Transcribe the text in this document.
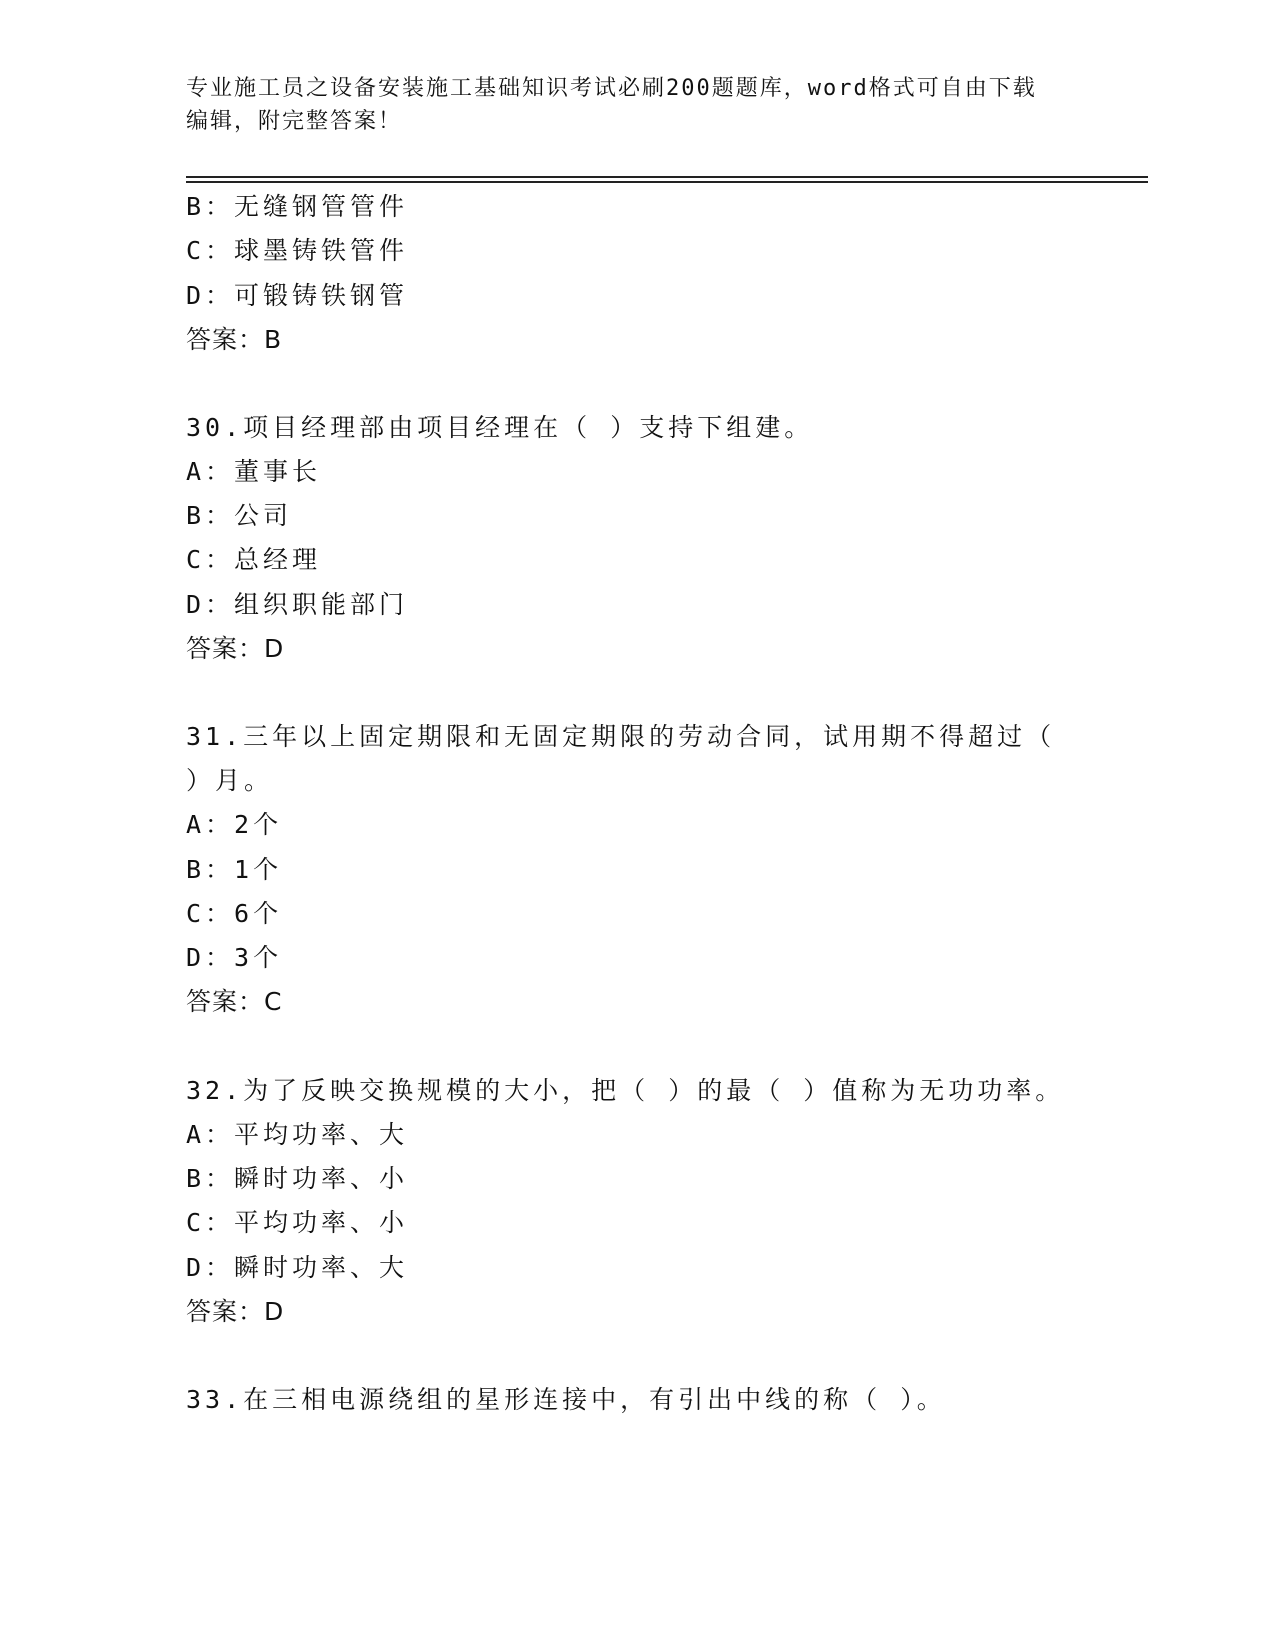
专业施工员之设备安装施工基础知识考试必刷200题题库，word格式可自由下载
编辑，附完整答案！
B：无缝钢管管件
C：球墨铸铁管件
D：可锻铸铁钢管
答案：B
30.项目经理部由项目经理在（ ）支持下组建。
A：董事长
B：公司
C：总经理
D：组织职能部门
答案：D
31.三年以上固定期限和无固定期限的劳动合同，试用期不得超过（
）月。
A：2个
B：1个
C：6个
D：3个
答案：C
32.为了反映交换规模的大小，把（ ）的最（ ）值称为无功功率。
A：平均功率、大
B：瞬时功率、小
C：平均功率、小
D：瞬时功率、大
答案：D
33.在三相电源绕组的星形连接中，有引出中线的称（ ）。
